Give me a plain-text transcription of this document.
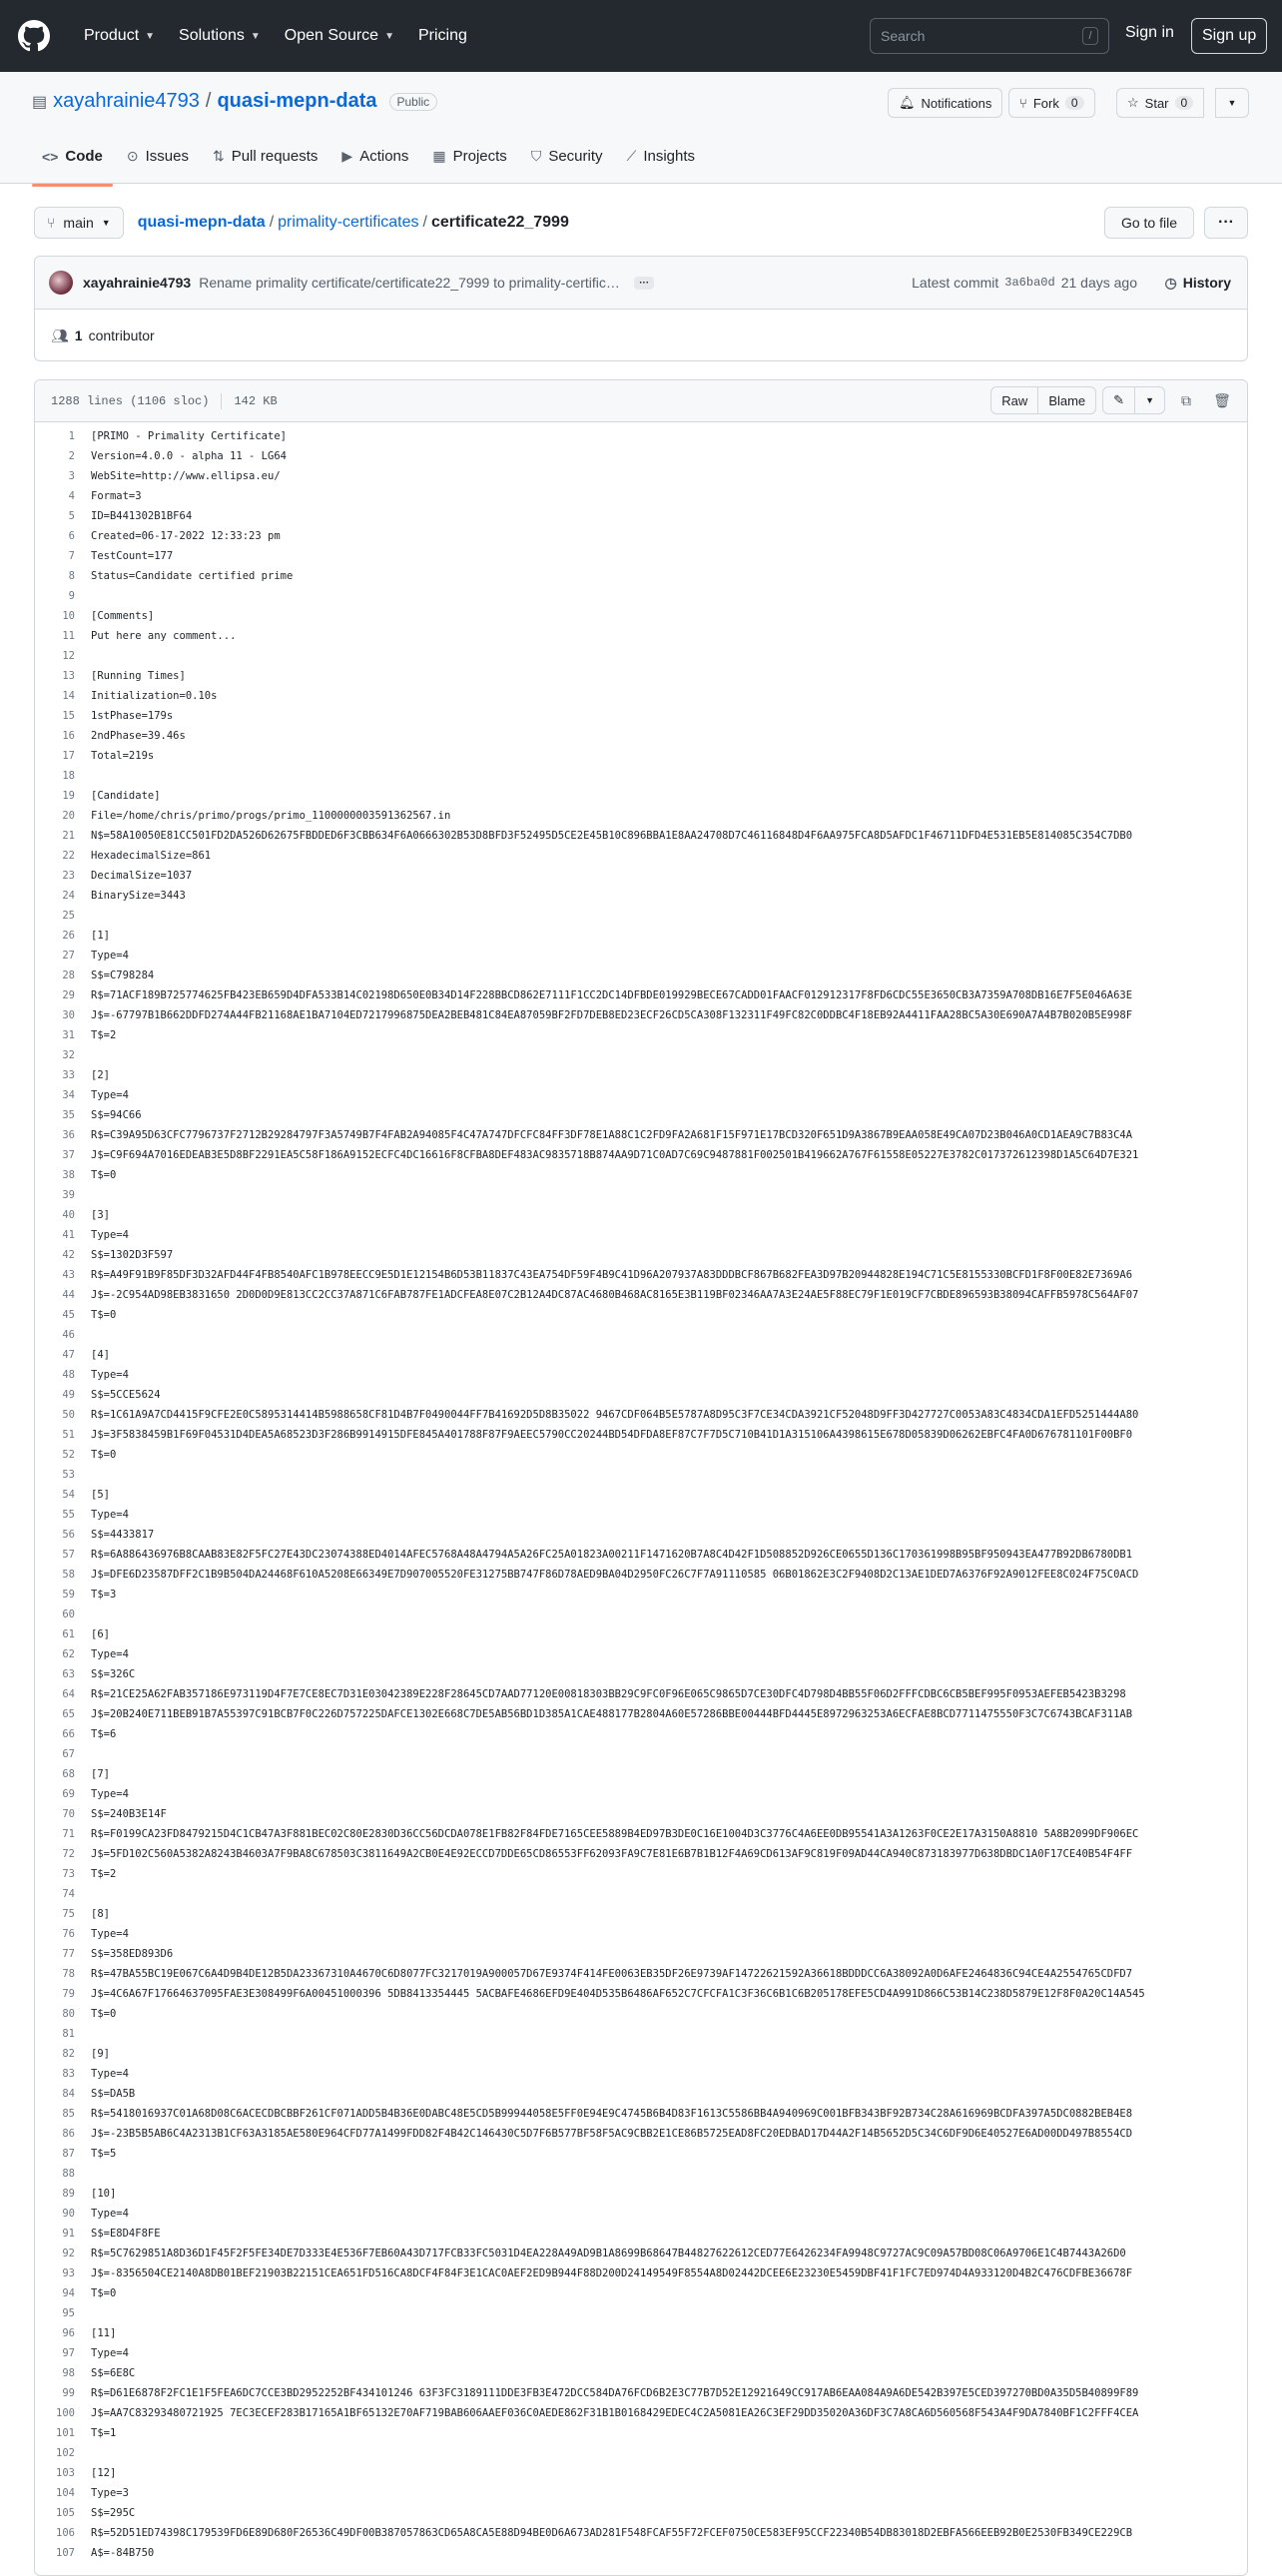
Product ▼ Solutions ▼ Open Source ▼ Pricing
Search	/	Sign in	Sign up
▤ xayahrainie4793 / quasi-mepn-data	Public	🔔︎ Notifications ⑂ Fork	0	☆ Star	0	▼
<> Code ⊙ Issues ⇅ Pull requests ▶ Actions ▦ Projects ⛉ Security ⟋ Insights
⑂ main ▼ quasi-mepn-data / primality-certificates / certificate22_7999	Go to file	···
xayahrainie4793 Rename primality certificate/certificate22_7999 to primality-certific…	···	Latest commit 3a6ba0d 21 days ago ◷ History
👥︎ 1 contributor
1288 lines (1106 sloc) 142 KB	Raw	Blame	✎ ▼	⧉	🗑︎
1	[PRIMO - Primality Certificate]
2	Version=4.0.0 - alpha 11 - LG64
3	WebSite=http://www.ellipsa.eu/
4	Format=3
5	ID=B441302B1BF64
6	Created=06-17-2022 12:33:23 pm
7	TestCount=177
8	Status=Candidate certified prime
9
10	[Comments]
11	Put here any comment...
12
13	[Running Times]
14	Initialization=0.10s
15	1stPhase=179s
16	2ndPhase=39.46s
17	Total=219s
18
19	[Candidate]
20	File=/home/chris/primo/progs/primo_1100000003591362567.in
21	N$=58A10050E81CC501FD2DA526D62675FBDDED6F3CBB634F6A0666302B53D8BFD3F52495D5CE2E45B10C896BBA1E8AA24708D7C46116848D4F6AA975FCA8D5AFDC1F46711DFD4E531EB5E814085C354C7DB0
22	HexadecimalSize=861
23	DecimalSize=1037
24	BinarySize=3443
25
26	[1]
27	Type=4
28	S$=C798284
29	R$=71ACF189B725774625FB423EB659D4DFA533B14C02198D650E0B34D14F228BBCD862E7111F1CC2DC14DFBDE019929BECE67CADD01FAACF012912317F8FD6CDC55E3650CB3A7359A708DB16E7F5E046A63E
30	J$=-67797B1B662DDFD274A44FB21168AE1BA7104ED7217996875DEA2BEB481C84EA87059BF2FD7DEB8ED23ECF26CD5CA308F132311F49FC82C0DDBC4F18EB92A4411FAA28BC5A30E690A7A4B7B020B5E998F
31	T$=2
32
33	[2]
34	Type=4
35	S$=94C66
36	R$=C39A95D63CFC7796737F2712B29284797F3A5749B7F4FAB2A94085F4C47A747DFCFC84FF3DF78E1A88C1C2FD9FA2A681F15F971E17BCD320F651D9A3867B9EAA058E49CA07D23B046A0CD1AEA9C7B83C4A
37	J$=C9F694A7016EDEAB3E5D8BF2291EA5C58F186A9152ECFC4DC16616F8CFBA8DEF483AC9835718B874AA9D71C0AD7C69C9487881F002501B419662A767F61558E05227E3782C017372612398D1A5C64D7E321
38	T$=0
39
40	[3]
41	Type=4
42	S$=1302D3F597
43	R$=A49F91B9F85DF3D32AFD44F4FB8540AFC1B978EECC9E5D1E12154B6D53B11837C43EA754DF59F4B9C41D96A207937A83DDDBCF867B682FEA3D97B20944828E194C71C5E8155330BCFD1F8F00E82E7369A6
44	J$=-2C954AD98EB3831650 2D0D0D9E813CC2CC37A871C6FAB787FE1ADCFEA8E07C2B12A4DC87AC4680B468AC8165E3B119BF02346AA7A3E24AE5F88EC79F1E019CF7CBDE896593B38094CAFFB5978C564AF07
45	T$=0
46
47	[4]
48	Type=4
49	S$=5CCE5624
50	R$=1C61A9A7CD4415F9CFE2E0C5895314414B5988658CF81D4B7F0490044FF7B41692D5D8B35022 9467CDF064B5E5787A8D95C3F7CE34CDA3921CF52048D9FF3D427727C0053A83C4834CDA1EFD5251444A80
51	J$=3F5838459B1F69F04531D4DEA5A68523D3F286B9914915DFE845A401788F87F9AEEC5790CC20244BD54DFDA8EF87C7F7D5C710B41D1A315106A4398615E678D05839D06262EBFC4FA0D676781101F00BF0
52	T$=0
53
54	[5]
55	Type=4
56	S$=4433817
57	R$=6A886436976B8CAAB83E82F5FC27E43DC23074388ED4014AFEC5768A48A4794A5A26FC25A01823A00211F1471620B7A8C4D42F1D508852D926CE0655D136C170361998B95BF950943EA477B92DB6780DB1
58	J$=DFE6D23587DFF2C1B9B504DA24468F610A5208E66349E7D907005520FE31275BB747F86D78AED9BA04D2950FC26C7F7A91110585 06B01862E3C2F9408D2C13AE1DED7A6376F92A9012FEE8C024F75C0ACD
59	T$=3
60
61	[6]
62	Type=4
63	S$=326C
64	R$=21CE25A62FAB357186E973119D4F7E7CE8EC7D31E03042389E228F28645CD7AAD77120E00818303BB29C9FC0F96E065C9865D7CE30DFC4D798D4BB55F06D2FFFCDBC6CB5BEF995F0953AEFEB5423B3298
65	J$=20B240E711BEB91B7A55397C91BCB7F0C226D757225DAFCE1302E668C7DE5AB56BD1D385A1CAE488177B2804A60E57286BBE00444BFD4445E8972963253A6ECFAE8BCD7711475550F3C7C6743BCAF311AB
66	T$=6
67
68	[7]
69	Type=4
70	S$=240B3E14F
71	R$=F0199CA23FD8479215D4C1CB47A3F881BEC02C80E2830D36CC56DCDA078E1FB82F84FDE7165CEE5889B4ED97B3DE0C16E1004D3C3776C4A6EE0DB95541A3A1263F0CE2E17A3150A8810 5A8B2099DF906EC
72	J$=5FD102C560A5382A8243B4603A7F9BA8C678503C3811649A2CB0E4E92ECCD7DDE65CD86553FF62093FA9C7E81E6B7B1B12F4A69CD613AF9C819F09AD44CA940C873183977D638DBDC1A0F17CE40B54F4FF
73	T$=2
74
75	[8]
76	Type=4
77	S$=358ED893D6
78	R$=47BA55BC19E067C6A4D9B4DE12B5DA23367310A4670C6D8077FC3217019A900057D67E9374F414FE0063EB35DF26E9739AF14722621592A36618BDDDCC6A38092A0D6AFE2464836C94CE4A2554765CDFD7
79	J$=4C6A67F17664637095FAE3E308499F6A00451000396 5DB8413354445 5ACBAFE4686EFD9E404D535B6486AF652C7CFCFA1C3F36C6B1C6B205178EFE5CD4A991D866C53B14C238D5879E12F8F0A20C14A545
80	T$=0
81
82	[9]
83	Type=4
84	S$=DA5B
85	R$=5418016937C01A68D08C6ACECDBCBBF261CF071ADD5B4B36E0DABC48E5CD5B99944058E5FF0E94E9C4745B6B4D83F1613C5586BB4A940969C001BFB343BF92B734C28A616969BCDFA397A5DC0882BEB4E8
86	J$=-23B5B5AB6C4A2313B1CF63A3185AE580E964CFD77A1499FDD82F4B42C146430C5D7F6B577BF58F5AC9CBB2E1CE86B5725EAD8FC20EDBAD17D44A2F14B5652D5C34C6DF9D6E40527E6AD00DD497B8554CD
87	T$=5
88
89	[10]
90	Type=4
91	S$=E8D4F8FE
92	R$=5C7629851A8D36D1F45F2F5FE34DE7D333E4E536F7EB60A43D717FCB33FC5031D4EA228A49AD9B1A8699B68647B44827622612CED77E6426234FA9948C9727AC9C09A57BD08C06A9706E1C4B7443A26D0
93	J$=-8356504CE2140A8DB01BEF21903B22151CEA651FD516CA8DCF4F84F3E1CAC0AEF2ED9B944F88D200D24149549F8554A8D02442DCEE6E23230E5459DBF41F1FC7ED974D4A933120D4B2C476CDFBE36678F
94	T$=0
95
96	[11]
97	Type=4
98	S$=6E8C
99	R$=D61E6878F2FC1E1F5FEA6DC7CCE3BD2952252BF434101246 63F3FC3189111DDE3FB3E472DCC584DA76FCD6B2E3C77B7D52E12921649CC917AB6EAA084A9A6DE542B397E5CED397270BD0A35D5B40899F89
100	J$=AA7C83293480721925 7EC3ECEF283B17165A1BF65132E70AF719BAB606AAEF036C0AEDE862F31B1B0168429EDEC4C2A5081EA26C3EF29DD35020A36DF3C7A8CA6D560568F543A4F9DA7840BF1C2FFF4CEA
101	T$=1
102
103	[12]
104	Type=3
105	S$=295C
106	R$=52D51ED74398C179539FD6E89D680F26536C49DF00B387057863CD65A8CA5E88D94BE0D6A673AD281F548FCAF55F72FCEF0750CE583EF95CCF22340B54DB83018D2EBFA566EEB92B0E2530FB349CE229CB
107	A$=-84B750
